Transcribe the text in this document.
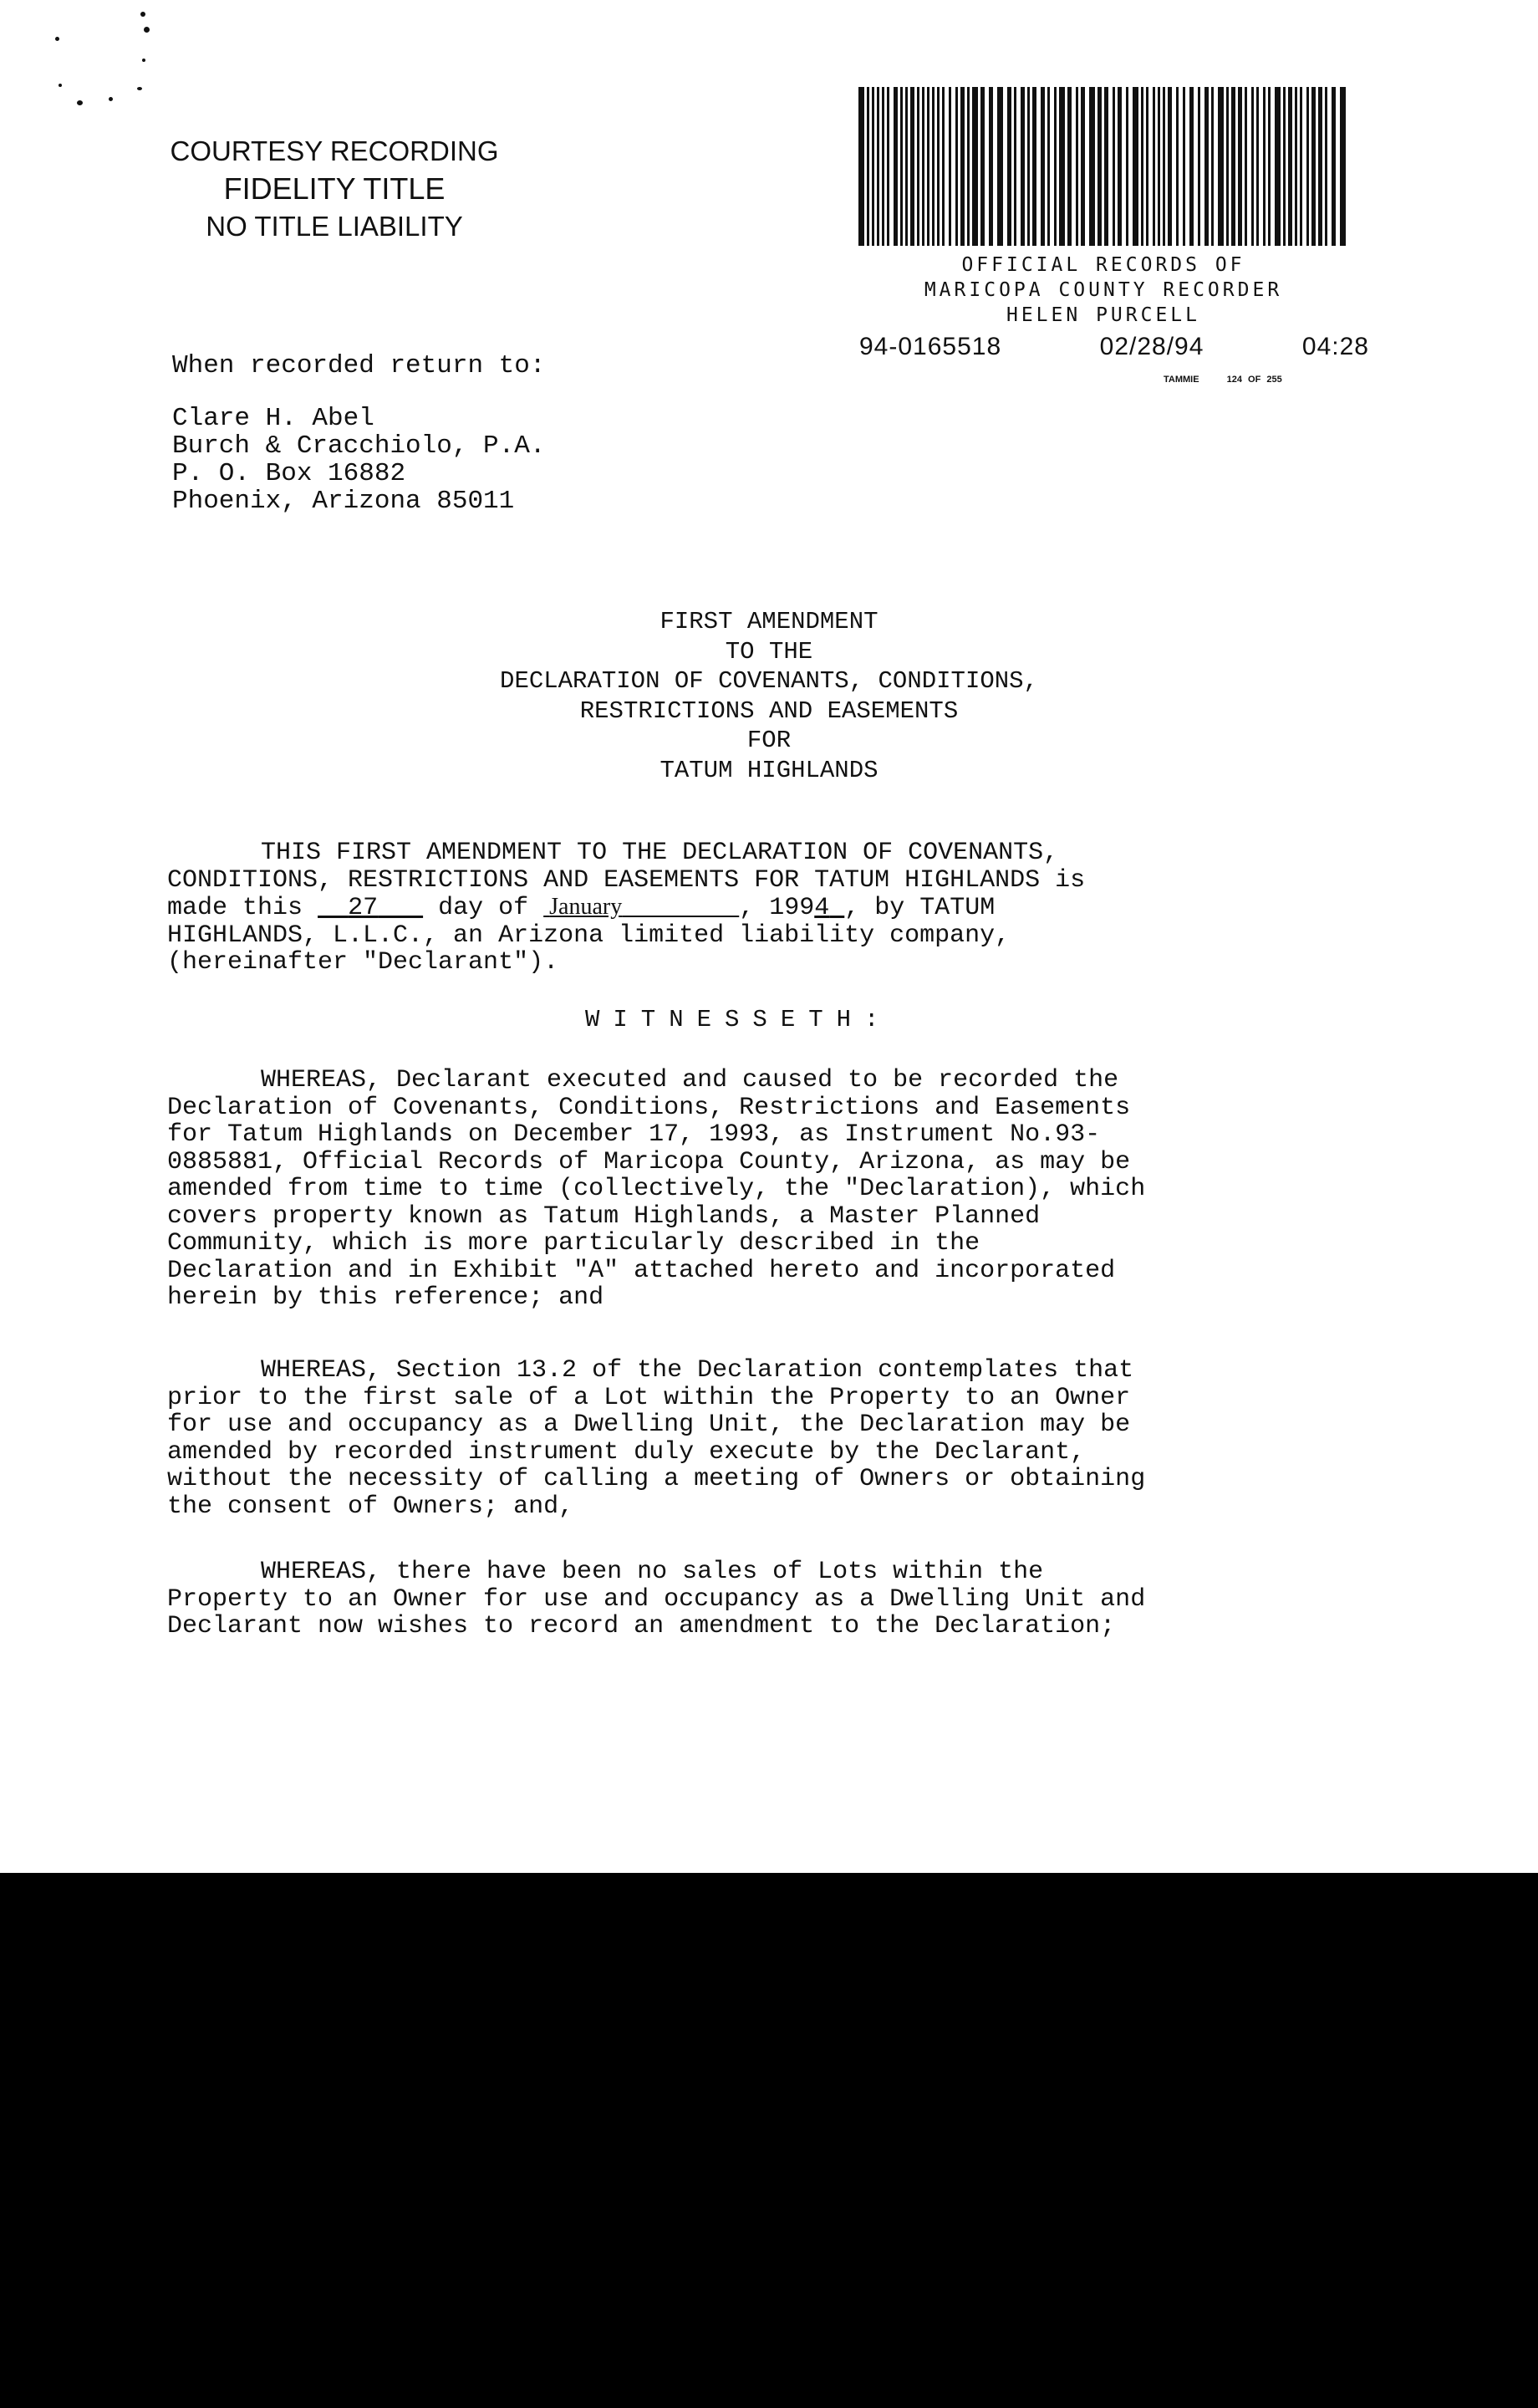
COURTESY RECORDING
FIDELITY TITLE
NO TITLE LIABILITY
OFFICIAL RECORDS OF
MARICOPA COUNTY RECORDER
HELEN PURCELL
94-0165518	02/28/94	04:28
TAMMIE	124 OF 255
When recorded return to:
Clare H. Abel
Burch & Cracchiolo, P.A.
P. O. Box 16882
Phoenix, Arizona 85011
FIRST AMENDMENT
TO THE
DECLARATION OF COVENANTS, CONDITIONS,
RESTRICTIONS AND EASEMENTS
FOR
TATUM HIGHLANDS
THIS FIRST AMENDMENT TO THE DECLARATION OF COVENANTS,
CONDITIONS, RESTRICTIONS AND EASEMENTS FOR TATUM HIGHLANDS is
made this 27 day of January	, 1994 , by TATUM
HIGHLANDS, L.L.C., an Arizona limited liability company,
(hereinafter "Declarant").
WITNESSETH:
WHEREAS, Declarant executed and caused to be recorded the
Declaration of Covenants, Conditions, Restrictions and Easements
for Tatum Highlands on December 17, 1993, as Instrument No.93-
0885881, Official Records of Maricopa County, Arizona, as may be
amended from time to time (collectively, the "Declaration), which
covers property known as Tatum Highlands, a Master Planned
Community, which is more particularly described in the
Declaration and in Exhibit "A" attached hereto and incorporated
herein by this reference; and
WHEREAS, Section 13.2 of the Declaration contemplates that
prior to the first sale of a Lot within the Property to an Owner
for use and occupancy as a Dwelling Unit, the Declaration may be
amended by recorded instrument duly execute by the Declarant,
without the necessity of calling a meeting of Owners or obtaining
the consent of Owners; and,
WHEREAS, there have been no sales of Lots within the
Property to an Owner for use and occupancy as a Dwelling Unit and
Declarant now wishes to record an amendment to the Declaration;
